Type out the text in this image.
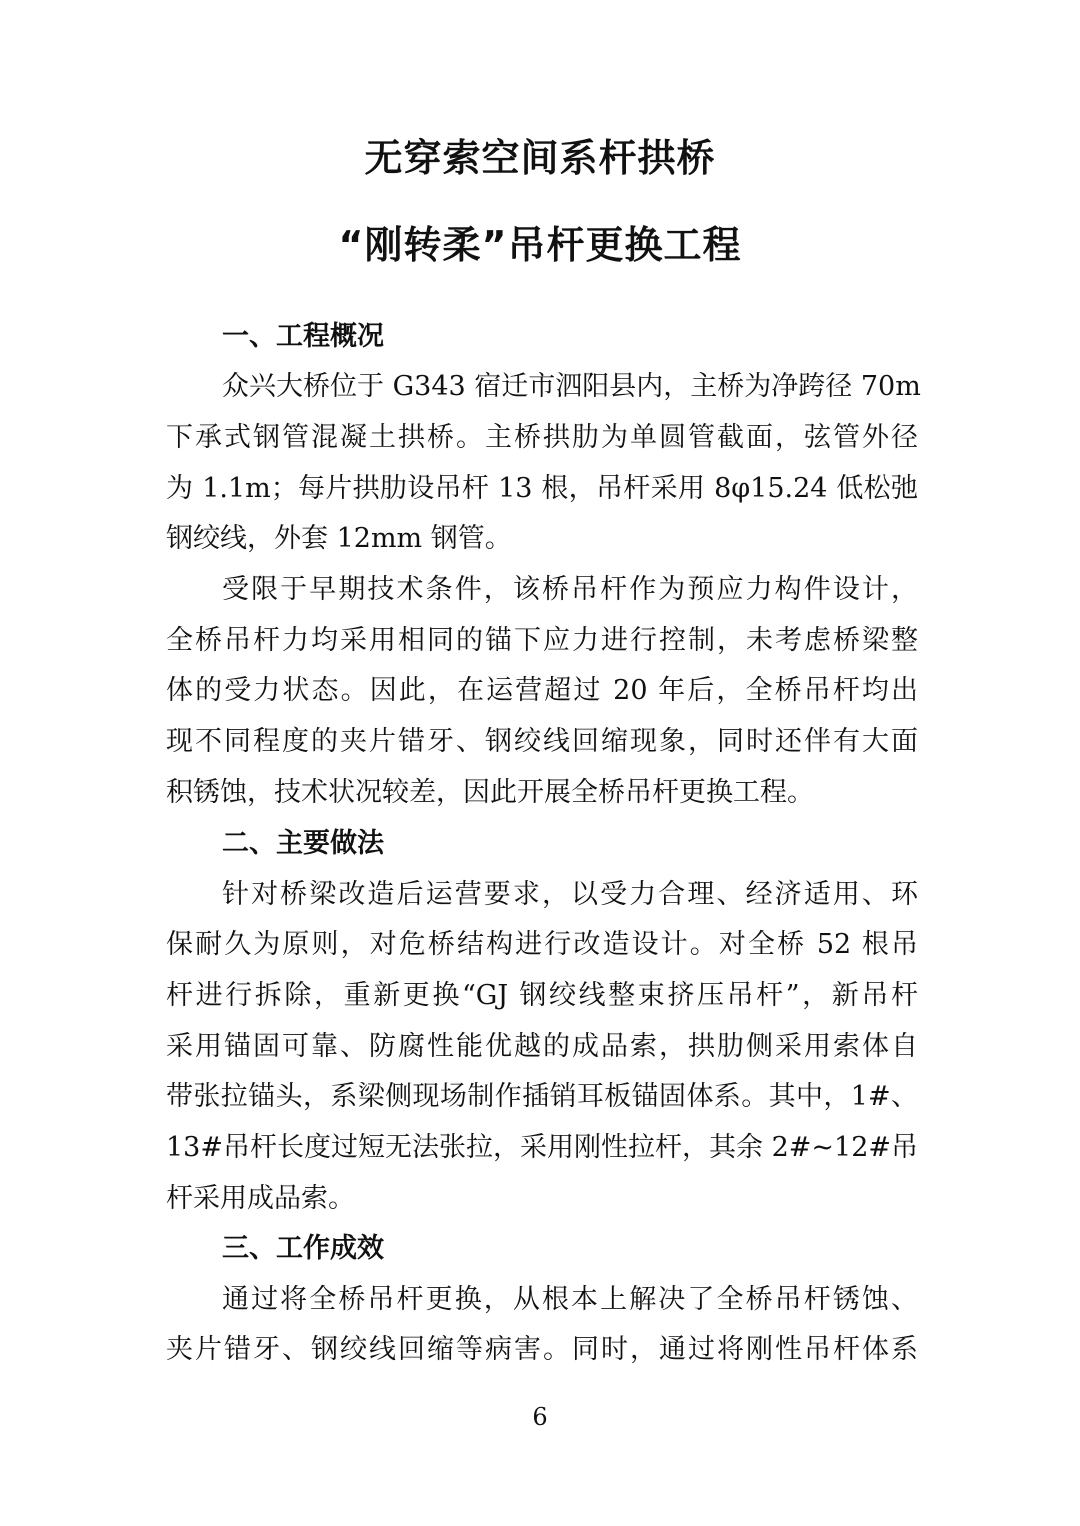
无穿索空间系杆拱桥
“刚转柔”吊杆更换工程
一、工程概况
众兴大桥位于 G343 宿迁市泗阳县内，主桥为净跨径 70m
下承式钢管混凝土拱桥。主桥拱肋为单圆管截面，弦管外径
为 1.1m；每片拱肋设吊杆 13 根，吊杆采用 8φ15.24 低松弛
钢绞线，外套 12mm 钢管。
受限于早期技术条件，该桥吊杆作为预应力构件设计，
全桥吊杆力均采用相同的锚下应力进行控制，未考虑桥梁整
体的受力状态。因此，在运营超过 20 年后，全桥吊杆均出
现不同程度的夹片错牙、钢绞线回缩现象，同时还伴有大面
积锈蚀，技术状况较差，因此开展全桥吊杆更换工程。
二、主要做法
针对桥梁改造后运营要求，以受力合理、经济适用、环
保耐久为原则，对危桥结构进行改造设计。对全桥 52 根吊
杆进行拆除，重新更换“GJ 钢绞线整束挤压吊杆”，新吊杆
采用锚固可靠、防腐性能优越的成品索，拱肋侧采用索体自
带张拉锚头，系梁侧现场制作插销耳板锚固体系。其中，1#、
13#吊杆长度过短无法张拉，采用刚性拉杆，其余 2#~12#吊
杆采用成品索。
三、工作成效
通过将全桥吊杆更换，从根本上解决了全桥吊杆锈蚀、
夹片错牙、钢绞线回缩等病害。同时，通过将刚性吊杆体系
6
